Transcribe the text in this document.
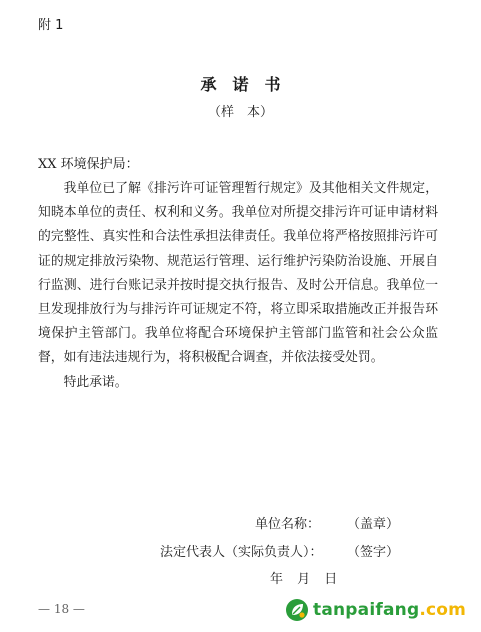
附 1
承　诺　书
（样　本）
XX 环境保护局：

我单位已了解《排污许可证管理暂行规定》及其他相关文件规定，知晓本单位的责任、权利和义务。我单位对所提交排污许可证申请材料的完整性、真实性和合法性承担法律责任。我单位将严格按照排污许可证的规定排放污染物、规范运行管理、运行维护污染防治设施、开展自行监测、进行台账记录并按时提交执行报告、及时公开信息。我单位一旦发现排放行为与排污许可证规定不符，将立即采取措施改正并报告环境保护主管部门。我单位将配合环境保护主管部门监管和社会公众监督，如有违法违规行为，将积极配合调查，并依法接受处罚。

特此承诺。

单位名称： （盖章）
法定代表人（实际负责人）： （签字）
年 月 日
— 18 —	tanpaifang.com
